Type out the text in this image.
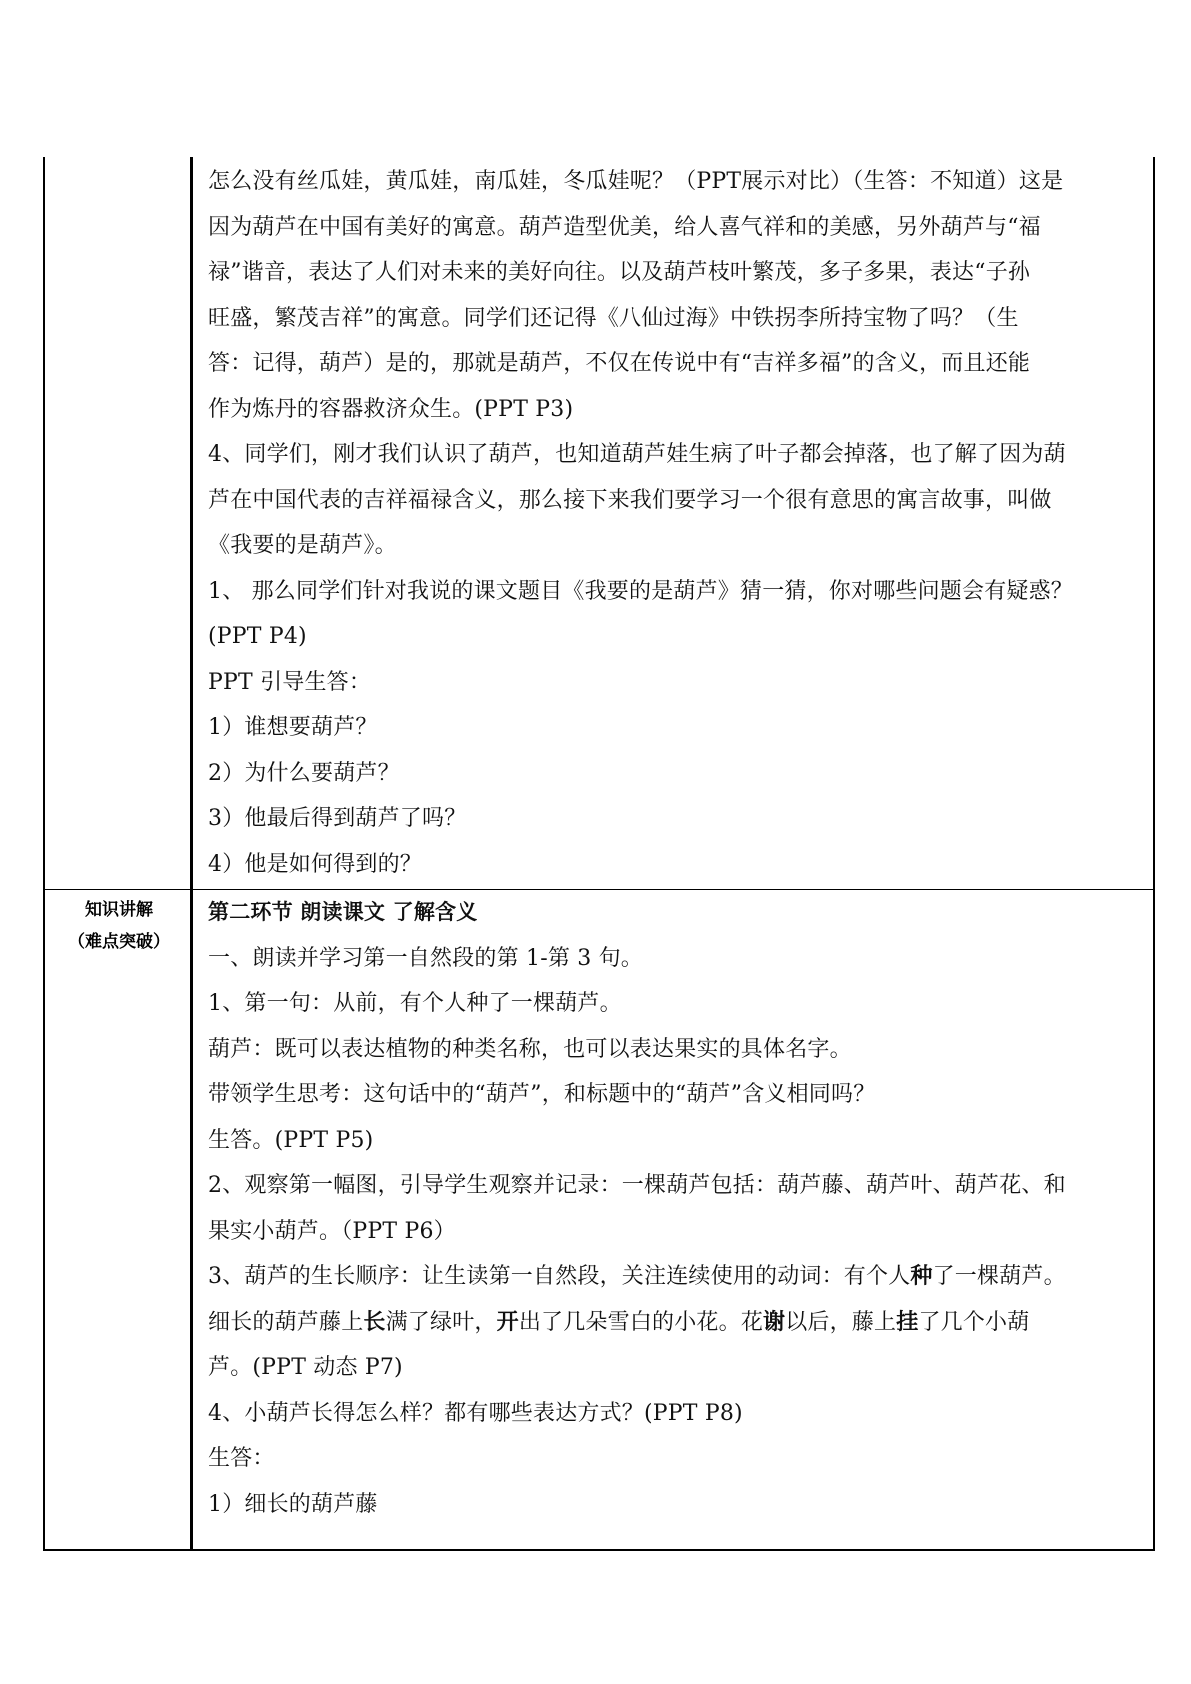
怎么没有丝瓜娃，黄瓜娃，南瓜娃，冬瓜娃呢？（PPT展示对比）（生答：不知道）这是
因为葫芦在中国有美好的寓意。葫芦造型优美，给人喜气祥和的美感，另外葫芦与“福
禄”谐音，表达了人们对未来的美好向往。以及葫芦枝叶繁茂，多子多果，表达“子孙
旺盛，繁茂吉祥”的寓意。同学们还记得《八仙过海》中铁拐李所持宝物了吗？（生
答：记得，葫芦）是的，那就是葫芦，不仅在传说中有“吉祥多福”的含义，而且还能
作为炼丹的容器救济众生。(PPT P3)
4、同学们，刚才我们认识了葫芦，也知道葫芦娃生病了叶子都会掉落，也了解了因为葫
芦在中国代表的吉祥福禄含义，那么接下来我们要学习一个很有意思的寓言故事，叫做
《我要的是葫芦》。
1、 那么同学们针对我说的课文题目《我要的是葫芦》猜一猜，你对哪些问题会有疑惑？
(PPT P4)
PPT 引导生答：
1）谁想要葫芦？
2）为什么要葫芦？
3）他最后得到葫芦了吗？
4）他是如何得到的？
知识讲解
（难点突破）
第二环节 朗读课文 了解含义
一、朗读并学习第一自然段的第 1-第 3 句。
1、第一句：从前，有个人种了一棵葫芦。
葫芦：既可以表达植物的种类名称，也可以表达果实的具体名字。
带领学生思考：这句话中的“葫芦”，和标题中的“葫芦”含义相同吗？
生答。(PPT P5)
2、观察第一幅图，引导学生观察并记录：一棵葫芦包括：葫芦藤、葫芦叶、葫芦花、和
果实小葫芦。（PPT P6）
3、葫芦的生长顺序：让生读第一自然段，关注连续使用的动词：有个人种了一棵葫芦。
细长的葫芦藤上长满了绿叶，开出了几朵雪白的小花。花谢以后，藤上挂了几个小葫
芦。(PPT 动态 P7)
4、小葫芦长得怎么样？都有哪些表达方式？(PPT P8)
生答：
1）细长的葫芦藤
